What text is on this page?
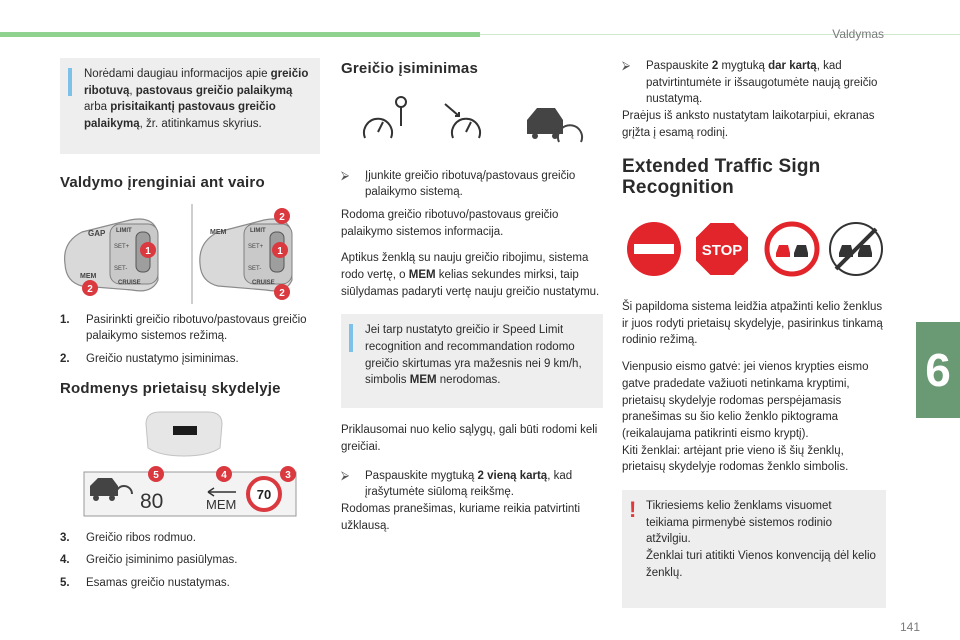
Valdymas
6
141
Norėdami daugiau informacijos apie greičio ribotuvą, pastovaus greičio palaikymą arba prisitaikantį pastovaus greičio palaikymą, žr. atitinkamus skyrius.
Valdymo įrenginiai ant vairo
GAP LIMIT
SET+
SET-
MEM
CRUISE
1
2
MEM	LIMIT
SET+
SET-
CRUISE
2
1
2
1.	Pasirinkti greičio ribotuvo/pastovaus greičio palaikymo sistemos režimą.
2.	Greičio nustatymo įsiminimas.
Rodmenys prietaisų skydelyje
80	MEM
70
5	4	3
3.	Greičio ribos rodmuo.
4.	Greičio įsiminimo pasiūlymas.
5.	Esamas greičio nustatymas.
Greičio įsiminimas
⮚	Įjunkite greičio ribotuvą/pastovaus greičio palaikymo sistemą.

Rodoma greičio ribotuvo/pastovaus greičio palaikymo sistemos informacija.

Aptikus ženklą su nauju greičio ribojimu, sistema rodo vertę, o MEM kelias sekundes mirksi, taip siūlydamas padaryti vertę nauju greičio nustatymu.

Jei tarp nustatyto greičio ir Speed Limit recognition and recommandation rodomo greičio skirtumas yra mažesnis nei 9 km/h, simbolis MEM nerodomas.

Priklausomai nuo kelio sąlygų, gali būti rodomi keli greičiai.

⮚	Paspauskite mygtuką 2 vieną kartą, kad įrašytumėte siūlomą reikšmę.

Rodomas pranešimas, kuriame reikia patvirtinti užklausą.

⮚	Paspauskite 2 mygtuką dar kartą, kad patvirtintumėte ir išsaugotumėte naują greičio nustatymą.

Praėjus iš anksto nustatytam laikotarpiui, ekranas grįžta į esamą rodinį.

Extended Traffic Sign Recognition
STOP

Ši papildoma sistema leidžia atpažinti kelio ženklus ir juos rodyti prietaisų skydelyje, pasirinkus tinkamą rodinio režimą.

Vienpusio eismo gatvė: jei vienos krypties eismo gatve pradedate važiuoti netinkama kryptimi, prietaisų skydelyje rodomas perspėjamasis pranešimas su šio kelio ženklo piktograma (reikalaujama patikrinti eismo kryptį).

Kiti ženklai: artėjant prie vieno iš šių ženklų, prietaisų skydelyje rodomas ženklo simbolis.

! Tikriesiems kelio ženklams visuomet teikiama pirmenybė sistemos rodinio atžvilgiu.
Ženklai turi atitikti Vienos konvenciją dėl kelio ženklų.
